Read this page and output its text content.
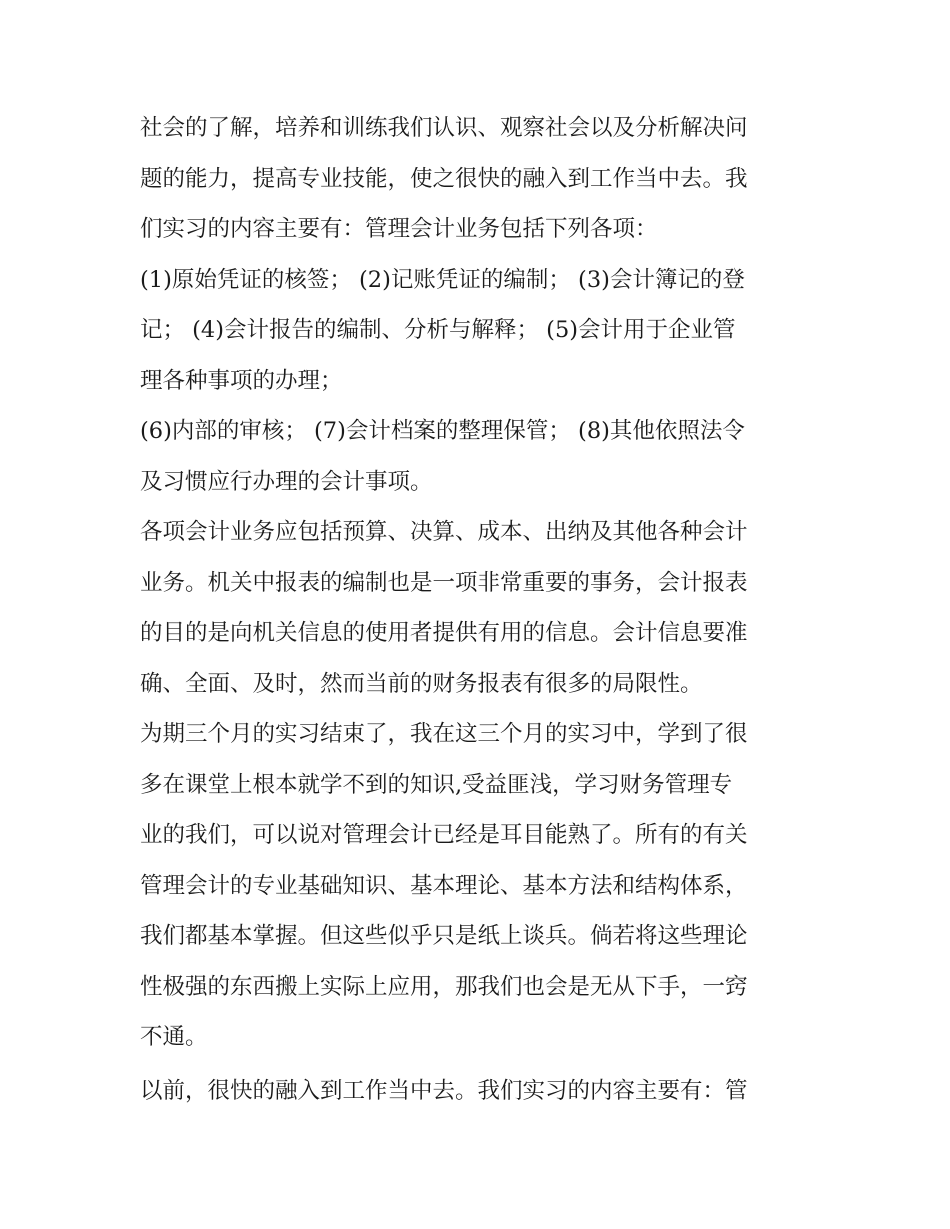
社会的了解，培养和训练我们认识、观察社会以及分析解决问
题的能力，提高专业技能，使之很快的融入到工作当中去。我
们实习的内容主要有：管理会计业务包括下列各项：
(1)原始凭证的核签； (2)记账凭证的编制； (3)会计簿记的登
记； (4)会计报告的编制、分析与解释； (5)会计用于企业管
理各种事项的办理；
(6)内部的审核； (7)会计档案的整理保管； (8)其他依照法令
及习惯应行办理的会计事项。
各项会计业务应包括预算、决算、成本、出纳及其他各种会计
业务。机关中报表的编制也是一项非常重要的事务，会计报表
的目的是向机关信息的使用者提供有用的信息。会计信息要准
确、全面、及时，然而当前的财务报表有很多的局限性。
为期三个月的实习结束了，我在这三个月的实习中，学到了很
多在课堂上根本就学不到的知识,受益匪浅，学习财务管理专
业的我们，可以说对管理会计已经是耳目能熟了。所有的有关
管理会计的专业基础知识、基本理论、基本方法和结构体系，
我们都基本掌握。但这些似乎只是纸上谈兵。倘若将这些理论
性极强的东西搬上实际上应用，那我们也会是无从下手，一窍
不通。
以前，很快的融入到工作当中去。我们实习的内容主要有：管
